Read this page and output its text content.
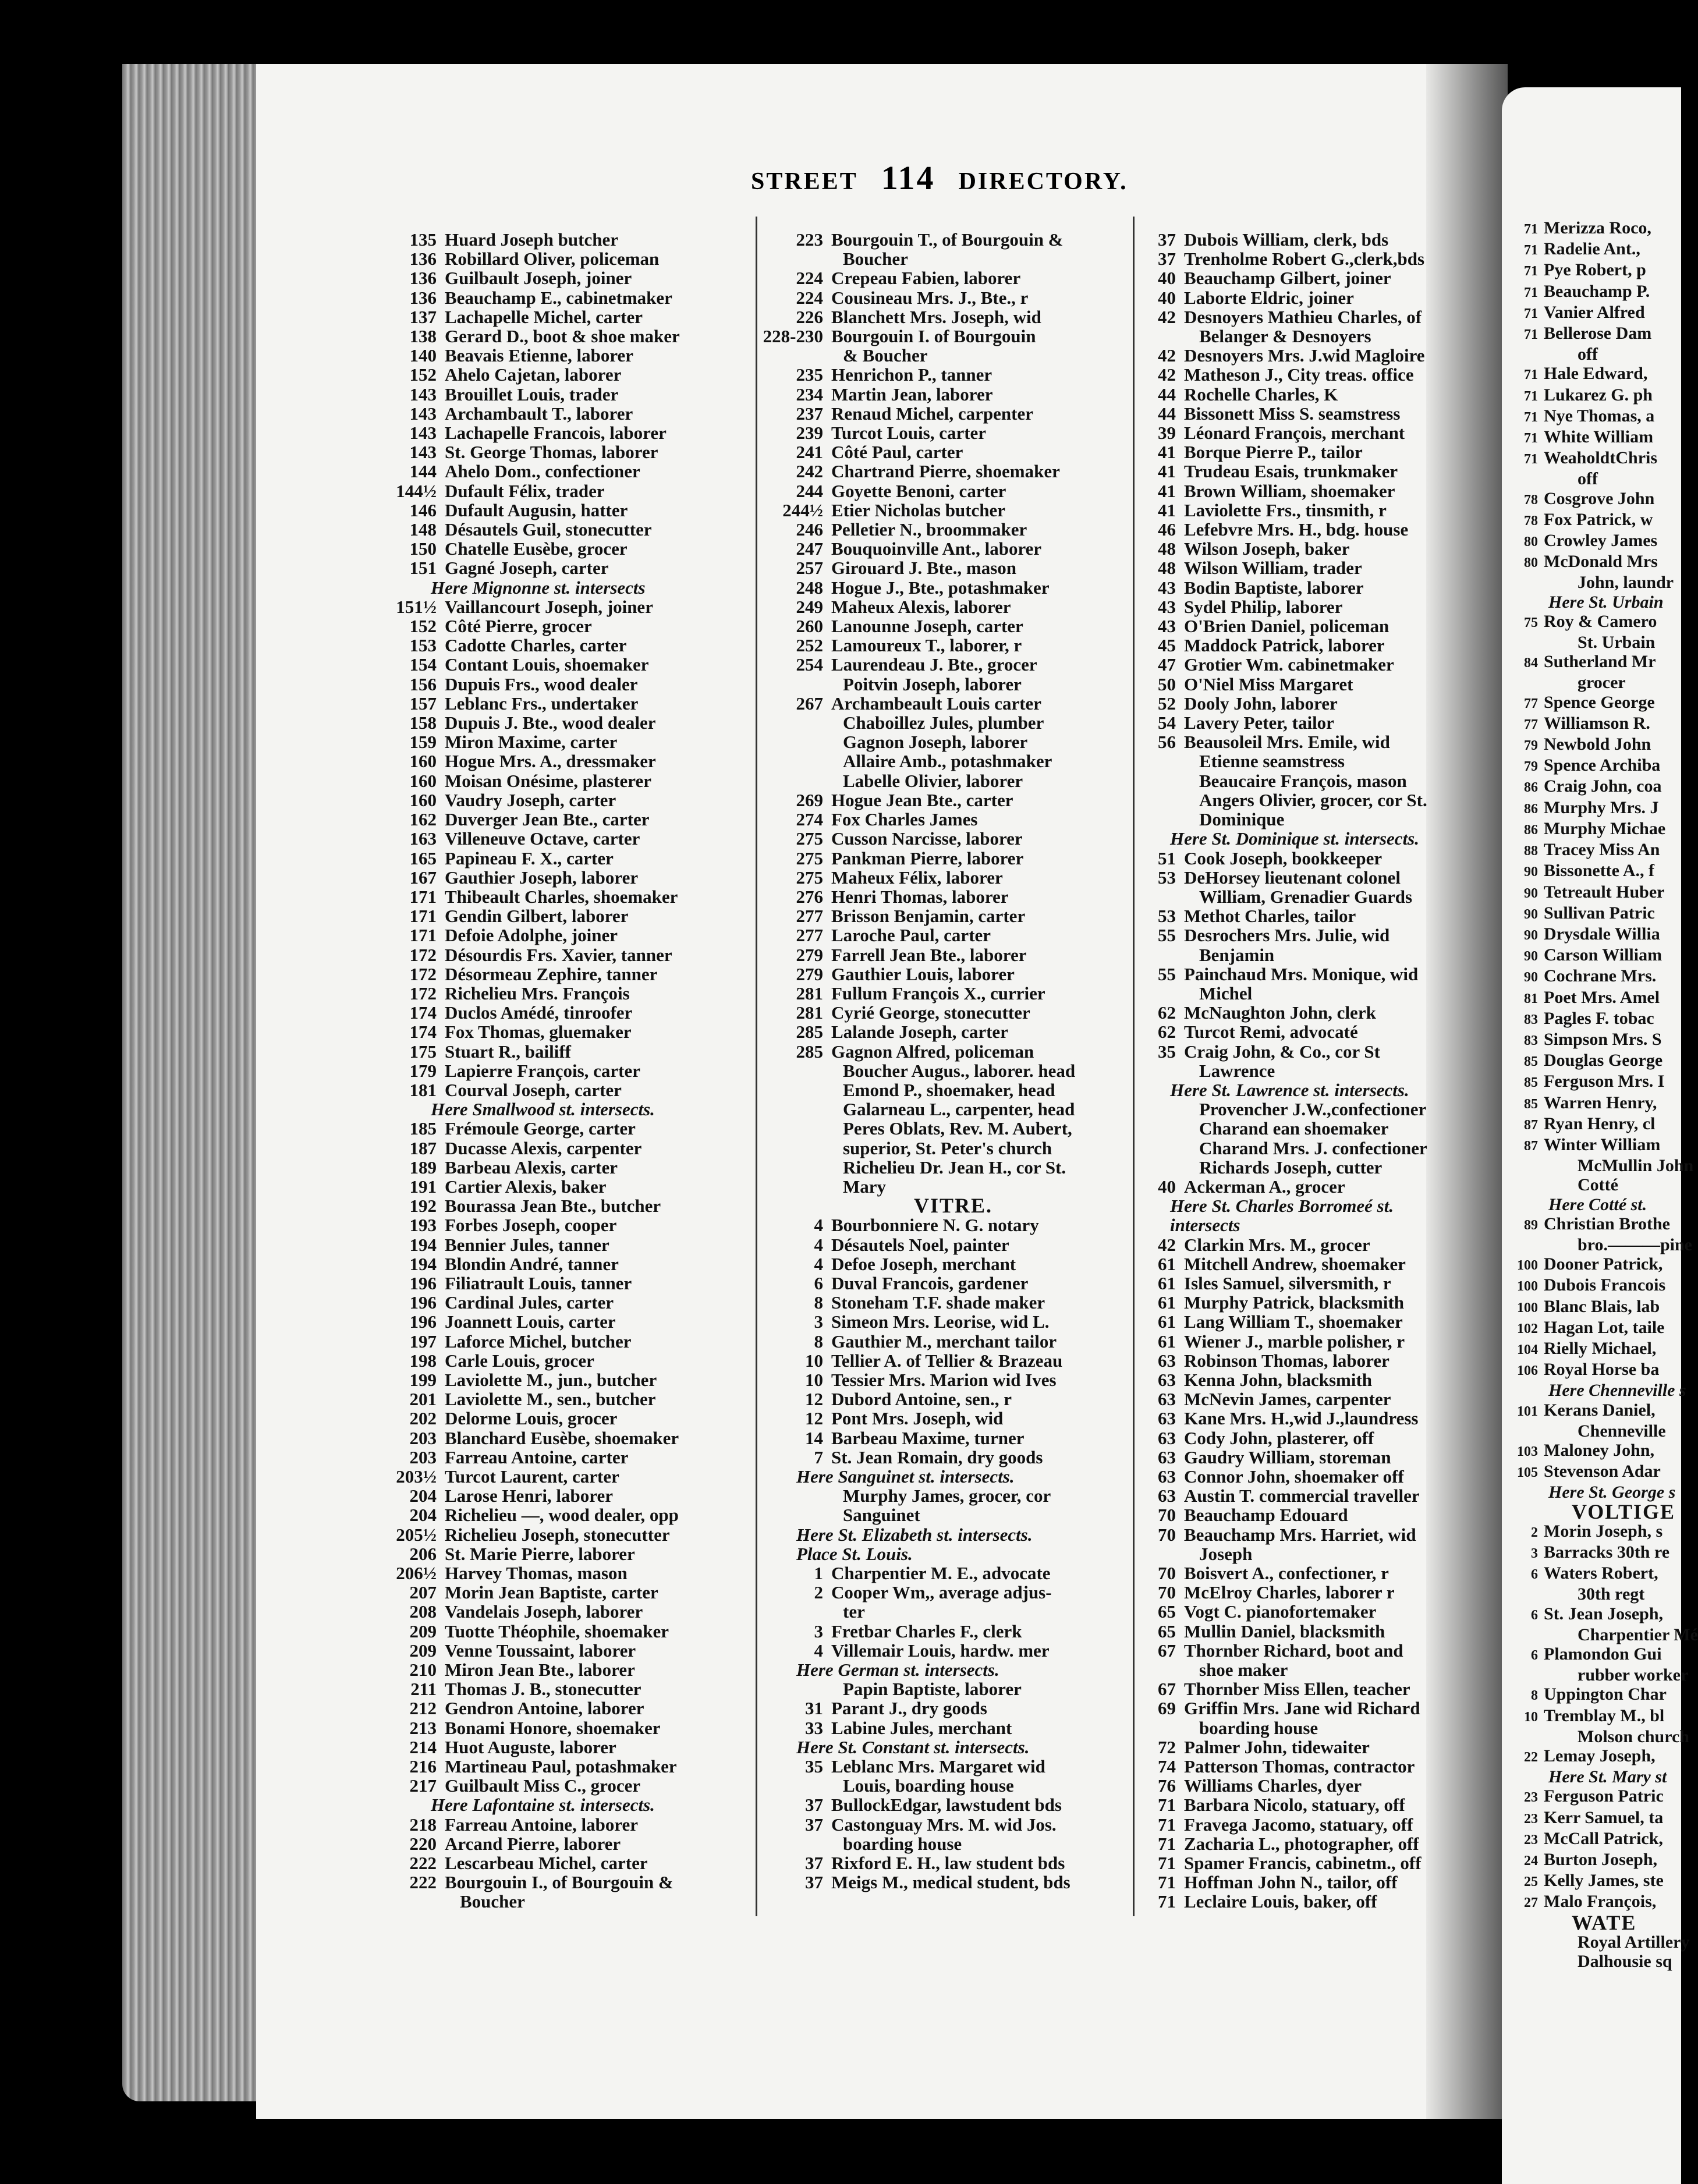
STREET 114 DIRECTORY.
135 Huard Joseph butcher
136 Robillard Oliver, policeman
136 Guilbault Joseph, joiner
136 Beauchamp E., cabinetmaker
137 Lachapelle Michel, carter
138 Gerard D., boot & shoe maker
140 Beavais Etienne, laborer
152 Ahelo Cajetan, laborer
143 Brouillet Louis, trader
143 Archambault T., laborer
143 Lachapelle Francois, laborer
143 St. George Thomas, laborer
144 Ahelo Dom., confectioner
144½ Dufault Félix, trader
146 Dufault Augusin, hatter
148 Désautels Guil, stonecutter
150 Chatelle Eusèbe, grocer
151 Gagné Joseph, carter
Here Mignonne st. intersects
151½ Vaillancourt Joseph, joiner
152 Côté Pierre, grocer
153 Cadotte Charles, carter
154 Contant Louis, shoemaker
156 Dupuis Frs., wood dealer
157 Leblanc Frs., undertaker
158 Dupuis J. Bte., wood dealer
159 Miron Maxime, carter
160 Hogue Mrs. A., dressmaker
160 Moisan Onésime, plasterer
160 Vaudry Joseph, carter
162 Duverger Jean Bte., carter
163 Villeneuve Octave, carter
165 Papineau F. X., carter
167 Gauthier Joseph, laborer
171 Thibeault Charles, shoemaker
171 Gendin Gilbert, laborer
171 Defoie Adolphe, joiner
172 Désourdis Frs. Xavier, tanner
172 Désormeau Zephire, tanner
172 Richelieu Mrs. François
174 Duclos Amédé, tinroofer
174 Fox Thomas, gluemaker
175 Stuart R., bailiff
179 Lapierre François, carter
181 Courval Joseph, carter
Here Smallwood st. intersects.
185 Frémoule George, carter
187 Ducasse Alexis, carpenter
189 Barbeau Alexis, carter
191 Cartier Alexis, baker
192 Bourassa Jean Bte., butcher
193 Forbes Joseph, cooper
194 Bennier Jules, tanner
194 Blondin André, tanner
196 Filiatrault Louis, tanner
196 Cardinal Jules, carter
196 Joannett Louis, carter
197 Laforce Michel, butcher
198 Carle Louis, grocer
199 Laviolette M., jun., butcher
201 Laviolette M., sen., butcher
202 Delorme Louis, grocer
203 Blanchard Eusèbe, shoemaker
203 Farreau Antoine, carter
203½ Turcot Laurent, carter
204 Larose Henri, laborer
204 Richelieu —, wood dealer, opp
205½ Richelieu Joseph, stonecutter
206 St. Marie Pierre, laborer
206½ Harvey Thomas, mason
207 Morin Jean Baptiste, carter
208 Vandelais Joseph, laborer
209 Tuotte Théophile, shoemaker
209 Venne Toussaint, laborer
210 Miron Jean Bte., laborer
211 Thomas J. B., stonecutter
212 Gendron Antoine, laborer
213 Bonami Honore, shoemaker
214 Huot Auguste, laborer
216 Martineau Paul, potashmaker
217 Guilbault Miss C., grocer
Here Lafontaine st. intersects.
218 Farreau Antoine, laborer
220 Arcand Pierre, laborer
222 Lescarbeau Michel, carter
222 Bourgouin I., of Bourgouin &
Boucher
223 Bourgouin T., of Bourgouin &
Boucher
224 Crepeau Fabien, laborer
224 Cousineau Mrs. J., Bte., r
226 Blanchett Mrs. Joseph, wid
228-230 Bourgouin I. of Bourgouin
& Boucher
235 Henrichon P., tanner
234 Martin Jean, laborer
237 Renaud Michel, carpenter
239 Turcot Louis, carter
241 Côté Paul, carter
242 Chartrand Pierre, shoemaker
244 Goyette Benoni, carter
244½ Etier Nicholas butcher
246 Pelletier N., broommaker
247 Bouquoinville Ant., laborer
257 Girouard J. Bte., mason
248 Hogue J., Bte., potashmaker
249 Maheux Alexis, laborer
260 Lanounne Joseph, carter
252 Lamoureux T., laborer, r
254 Laurendeau J. Bte., grocer
Poitvin Joseph, laborer
267 Archambeault Louis carter
Chaboillez Jules, plumber
Gagnon Joseph, laborer
Allaire Amb., potashmaker
Labelle Olivier, laborer
269 Hogue Jean Bte., carter
274 Fox Charles James
275 Cusson Narcisse, laborer
275 Pankman Pierre, laborer
275 Maheux Félix, laborer
276 Henri Thomas, laborer
277 Brisson Benjamin, carter
277 Laroche Paul, carter
279 Farrell Jean Bte., laborer
279 Gauthier Louis, laborer
281 Fullum François X., currier
281 Cyrié George, stonecutter
285 Lalande Joseph, carter
285 Gagnon Alfred, policeman
Boucher Augus., laborer. head
Emond P., shoemaker, head
Galarneau L., carpenter, head
Peres Oblats, Rev. M. Aubert,
superior, St. Peter's church
Richelieu Dr. Jean H., cor St.
Mary
VITRE.
4 Bourbonniere N. G. notary
4 Désautels Noel, painter
4 Defoe Joseph, merchant
6 Duval Francois, gardener
8 Stoneham T.F. shade maker
3 Simeon Mrs. Leorise, wid L.
8 Gauthier M., merchant tailor
10 Tellier A. of Tellier & Brazeau
10 Tessier Mrs. Marion wid Ives
12 Dubord Antoine, sen., r
12 Pont Mrs. Joseph, wid
14 Barbeau Maxime, turner
7 St. Jean Romain, dry goods
Here Sanguinet st. intersects.
Murphy James, grocer, cor
Sanguinet
Here St. Elizabeth st. intersects.
Place St. Louis.
1 Charpentier M. E., advocate
2 Cooper Wm,, average adjus-
ter
3 Fretbar Charles F., clerk
4 Villemair Louis, hardw. mer
Here German st. intersects.
Papin Baptiste, laborer
31 Parant J., dry goods
33 Labine Jules, merchant
Here St. Constant st. intersects.
35 Leblanc Mrs. Margaret wid
Louis, boarding house
37 BullockEdgar, lawstudent bds
37 Castonguay Mrs. M. wid Jos.
boarding house
37 Rixford E. H., law student bds
37 Meigs M., medical student, bds
37 Dubois William, clerk, bds
37 Trenholme Robert G.,clerk,bds
40 Beauchamp Gilbert, joiner
40 Laborte Eldric, joiner
42 Desnoyers Mathieu Charles, of
Belanger & Desnoyers
42 Desnoyers Mrs. J.wid Magloire
42 Matheson J., City treas. office
44 Rochelle Charles, K
44 Bissonett Miss S. seamstress
39 Léonard François, merchant
41 Borque Pierre P., tailor
41 Trudeau Esais, trunkmaker
41 Brown William, shoemaker
41 Laviolette Frs., tinsmith, r
46 Lefebvre Mrs. H., bdg. house
48 Wilson Joseph, baker
48 Wilson William, trader
43 Bodin Baptiste, laborer
43 Sydel Philip, laborer
43 O'Brien Daniel, policeman
45 Maddock Patrick, laborer
47 Grotier Wm. cabinetmaker
50 O'Niel Miss Margaret
52 Dooly John, laborer
54 Lavery Peter, tailor
56 Beausoleil Mrs. Emile, wid
Etienne seamstress
Beaucaire François, mason
Angers Olivier, grocer, cor St.
Dominique
Here St. Dominique st. intersects.
51 Cook Joseph, bookkeeper
53 DeHorsey lieutenant colonel
William, Grenadier Guards
53 Methot Charles, tailor
55 Desrochers Mrs. Julie, wid
Benjamin
55 Painchaud Mrs. Monique, wid
Michel
62 McNaughton John, clerk
62 Turcot Remi, advocaté
35 Craig John, & Co., cor St
Lawrence
Here St. Lawrence st. intersects.
Provencher J.W.,confectioner
Charand ean shoemaker
Charand Mrs. J. confectioner
Richards Joseph, cutter
40 Ackerman A., grocer
Here St. Charles Borromeé st.
intersects
42 Clarkin Mrs. M., grocer
61 Mitchell Andrew, shoemaker
61 Isles Samuel, silversmith, r
61 Murphy Patrick, blacksmith
61 Lang William T., shoemaker
61 Wiener J., marble polisher, r
63 Robinson Thomas, laborer
63 Kenna John, blacksmith
63 McNevin James, carpenter
63 Kane Mrs. H.,wid J.,laundress
63 Cody John, plasterer, off
63 Gaudry William, storeman
63 Connor John, shoemaker off
63 Austin T. commercial traveller
70 Beauchamp Edouard
70 Beauchamp Mrs. Harriet, wid
Joseph
70 Boisvert A., confectioner, r
70 McElroy Charles, laborer r
65 Vogt C. pianofortemaker
65 Mullin Daniel, blacksmith
67 Thornber Richard, boot and
shoe maker
67 Thornber Miss Ellen, teacher
69 Griffin Mrs. Jane wid Richard
boarding house
72 Palmer John, tidewaiter
74 Patterson Thomas, contractor
76 Williams Charles, dyer
71 Barbara Nicolo, statuary, off
71 Fravega Jacomo, statuary, off
71 Zacharia L., photographer, off
71 Spamer Francis, cabinetm., off
71 Hoffman John N., tailor, off
71 Leclaire Louis, baker, off
71 Merizza Roco,
71 Radelie Ant.,
71 Pye Robert, p
71 Beauchamp P.
71 Vanier Alfred
71 Bellerose Dam
off
71 Hale Edward,
71 Lukarez G. ph
71 Nye Thomas, a
71 White William
71 WeaholdtChris
off
78 Cosgrove John
78 Fox Patrick, w
80 Crowley James
80 McDonald Mrs
John, laundr
Here St. Urbain
75 Roy & Camero
St. Urbain
84 Sutherland Mr
grocer
77 Spence George
77 Williamson R.
79 Newbold John
79 Spence Archiba
86 Craig John, coa
86 Murphy Mrs. J
86 Murphy Michae
88 Tracey Miss An
90 Bissonette A., f
90 Tetreault Huber
90 Sullivan Patric
90 Drysdale Willia
90 Carson William
90 Cochrane Mrs.
81 Poet Mrs. Amel
83 Pagles F. tobac
83 Simpson Mrs. S
85 Douglas George
85 Ferguson Mrs. I
85 Warren Henry,
87 Ryan Henry, cl
87 Winter William
McMullin John
Cotté
Here Cotté st.
89 Christian Brothe
bro.———pine
100 Dooner Patrick,
100 Dubois Francois
100 Blanc Blais, lab
102 Hagan Lot, taile
104 Rielly Michael,
106 Royal Horse ba
Here Chenneville s
101 Kerans Daniel,
Chenneville
103 Maloney John,
105 Stevenson Adar
Here St. George s
VOLTIGE
2 Morin Joseph, s
3 Barracks 30th re
6 Waters Robert,
30th regt
6 St. Jean Joseph,
Charpentier Mé
6 Plamondon Gui
rubber worker
8 Uppington Char
10 Tremblay M., bl
Molson church
22 Lemay Joseph,
Here St. Mary st
23 Ferguson Patric
23 Kerr Samuel, ta
23 McCall Patrick,
24 Burton Joseph,
25 Kelly James, ste
27 Malo François,
WATE
Royal Artillery
Dalhousie sq
